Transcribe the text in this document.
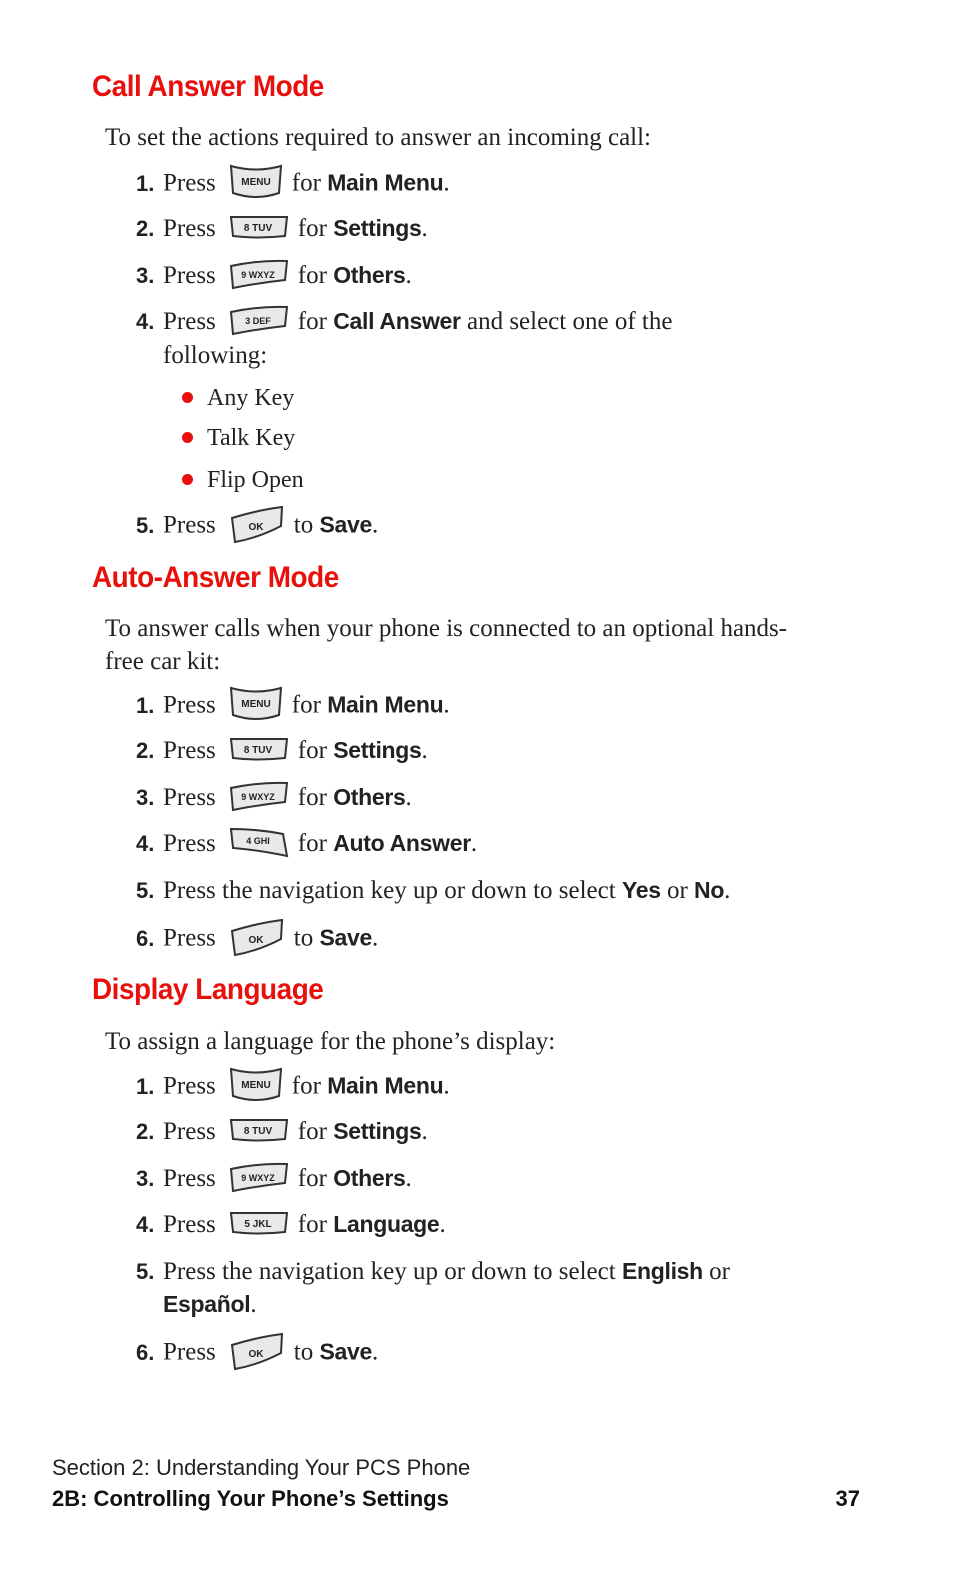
Call Answer Mode
To set the actions required to answer an incoming call:
1. Press	MENU for Main Menu.
2. Press	8 TUV for Settings.
3. Press	9 WXYZ for Others.
4. Press	3 DEF for Call Answer and select one of the
following:
Any Key
Talk Key
Flip Open
5. Press	OK to Save.
Auto-Answer Mode
To answer calls when your phone is connected to an optional hands-free car kit:
1. Press	MENU for Main Menu.
2. Press	8 TUV for Settings.
3. Press	9 WXYZ for Others.
4. Press	4 GHI for Auto Answer.
5. Press the navigation key up or down to select Yes or No.
6. Press	OK to Save.
Display Language
To assign a language for the phone’s display:
1. Press	MENU for Main Menu.
2. Press	8 TUV for Settings.
3. Press	9 WXYZ for Others.
4. Press	5 JKL for Language.
5. Press the navigation key up or down to select English or
Español.
6. Press	OK to Save.
Section 2: Understanding Your PCS Phone
2B: Controlling Your Phone’s Settings	37
